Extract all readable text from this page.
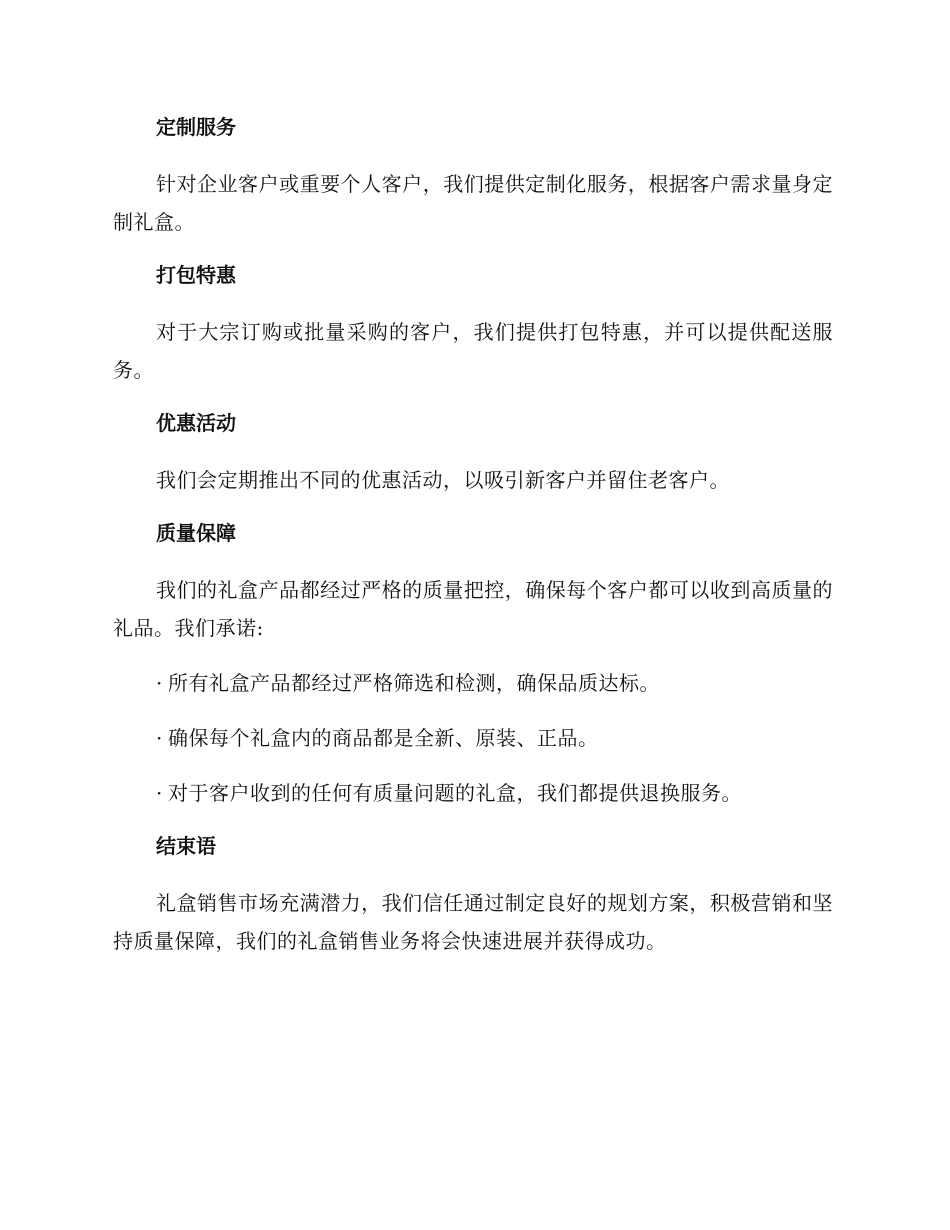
定制服务

针对企业客户或重要个人客户，我们提供定制化服务，根据客户需求量身定制礼盒。

打包特惠

对于大宗订购或批量采购的客户，我们提供打包特惠，并可以提供配送服务。

优惠活动

我们会定期推出不同的优惠活动，以吸引新客户并留住老客户。

质量保障

我们的礼盒产品都经过严格的质量把控，确保每个客户都可以收到高质量的礼品。我们承诺:

· 所有礼盒产品都经过严格筛选和检测，确保品质达标。
· 确保每个礼盒内的商品都是全新、原装、正品。
· 对于客户收到的任何有质量问题的礼盒，我们都提供退换服务。
结束语

礼盒销售市场充满潜力，我们信任通过制定良好的规划方案，积极营销和坚持质量保障，我们的礼盒销售业务将会快速进展并获得成功。
